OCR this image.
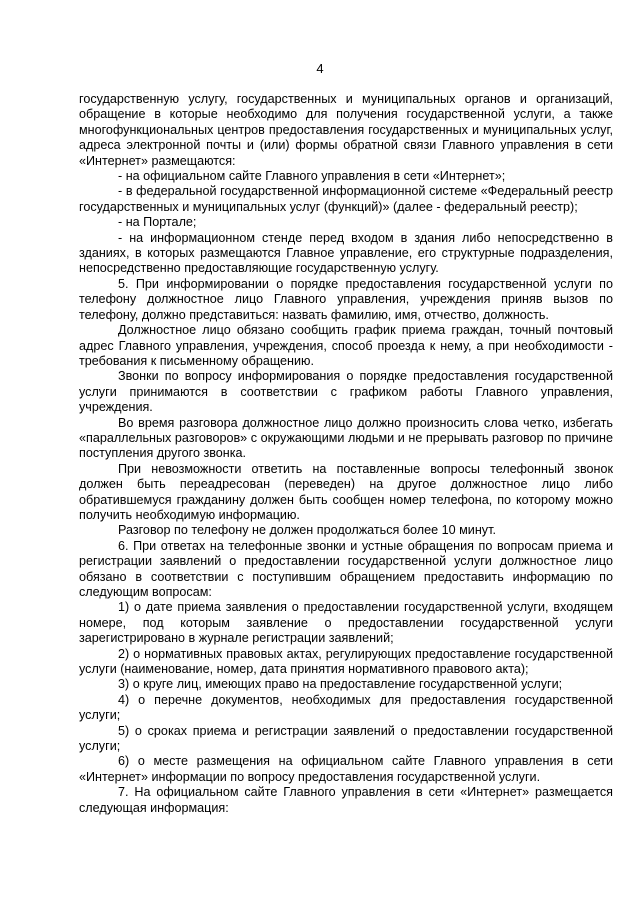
4

государственную услугу, государственных и муниципальных органов и организаций, обращение в которые необходимо для получения государственной услуги, а также многофункциональных центров предоставления государственных и муниципальных услуг, адреса электронной почты и (или) формы обратной связи Главного управления в сети «Интернет» размещаются:

- на официальном сайте Главного управления в сети «Интернет»;

- в федеральной государственной информационной системе «Федеральный реестр государственных и муниципальных услуг (функций)» (далее - федеральный реестр);

- на Портале;

- на информационном стенде перед входом в здания либо непосредственно в зданиях, в которых размещаются Главное управление, его структурные подразделения, непосредственно предоставляющие государственную услугу.

5. При информировании о порядке предоставления государственной услуги по телефону должностное лицо Главного управления, учреждения приняв вызов по телефону, должно представиться: назвать фамилию, имя, отчество, должность.

Должностное лицо обязано сообщить график приема граждан, точный почтовый адрес Главного управления, учреждения, способ проезда к нему, а при необходимости - требования к письменному обращению.

Звонки по вопросу информирования о порядке предоставления государственной услуги принимаются в соответствии с графиком работы Главного управления, учреждения.

Во время разговора должностное лицо должно произносить слова четко, избегать «параллельных разговоров» с окружающими людьми и не прерывать разговор по причине поступления другого звонка.

При невозможности ответить на поставленные вопросы телефонный звонок должен быть переадресован (переведен) на другое должностное лицо либо обратившемуся гражданину должен быть сообщен номер телефона, по которому можно получить необходимую информацию.

Разговор по телефону не должен продолжаться более 10 минут.

6. При ответах на телефонные звонки и устные обращения по вопросам приема и регистрации заявлений о предоставлении государственной услуги должностное лицо обязано в соответствии с поступившим обращением предоставить информацию по следующим вопросам:

1) о дате приема заявления о предоставлении государственной услуги, входящем номере, под которым заявление о предоставлении государственной услуги зарегистрировано в журнале регистрации заявлений;

2) о нормативных правовых актах, регулирующих предоставление государственной услуги (наименование, номер, дата принятия нормативного правового акта);

3) о круге лиц, имеющих право на предоставление государственной услуги;

4) о перечне документов, необходимых для предоставления государственной услуги;

5) о сроках приема и регистрации заявлений о предоставлении государственной услуги;

6) о месте размещения на официальном сайте Главного управления в сети «Интернет» информации по вопросу предоставления государственной услуги.

7. На официальном сайте Главного управления в сети «Интернет» размещается следующая информация:
